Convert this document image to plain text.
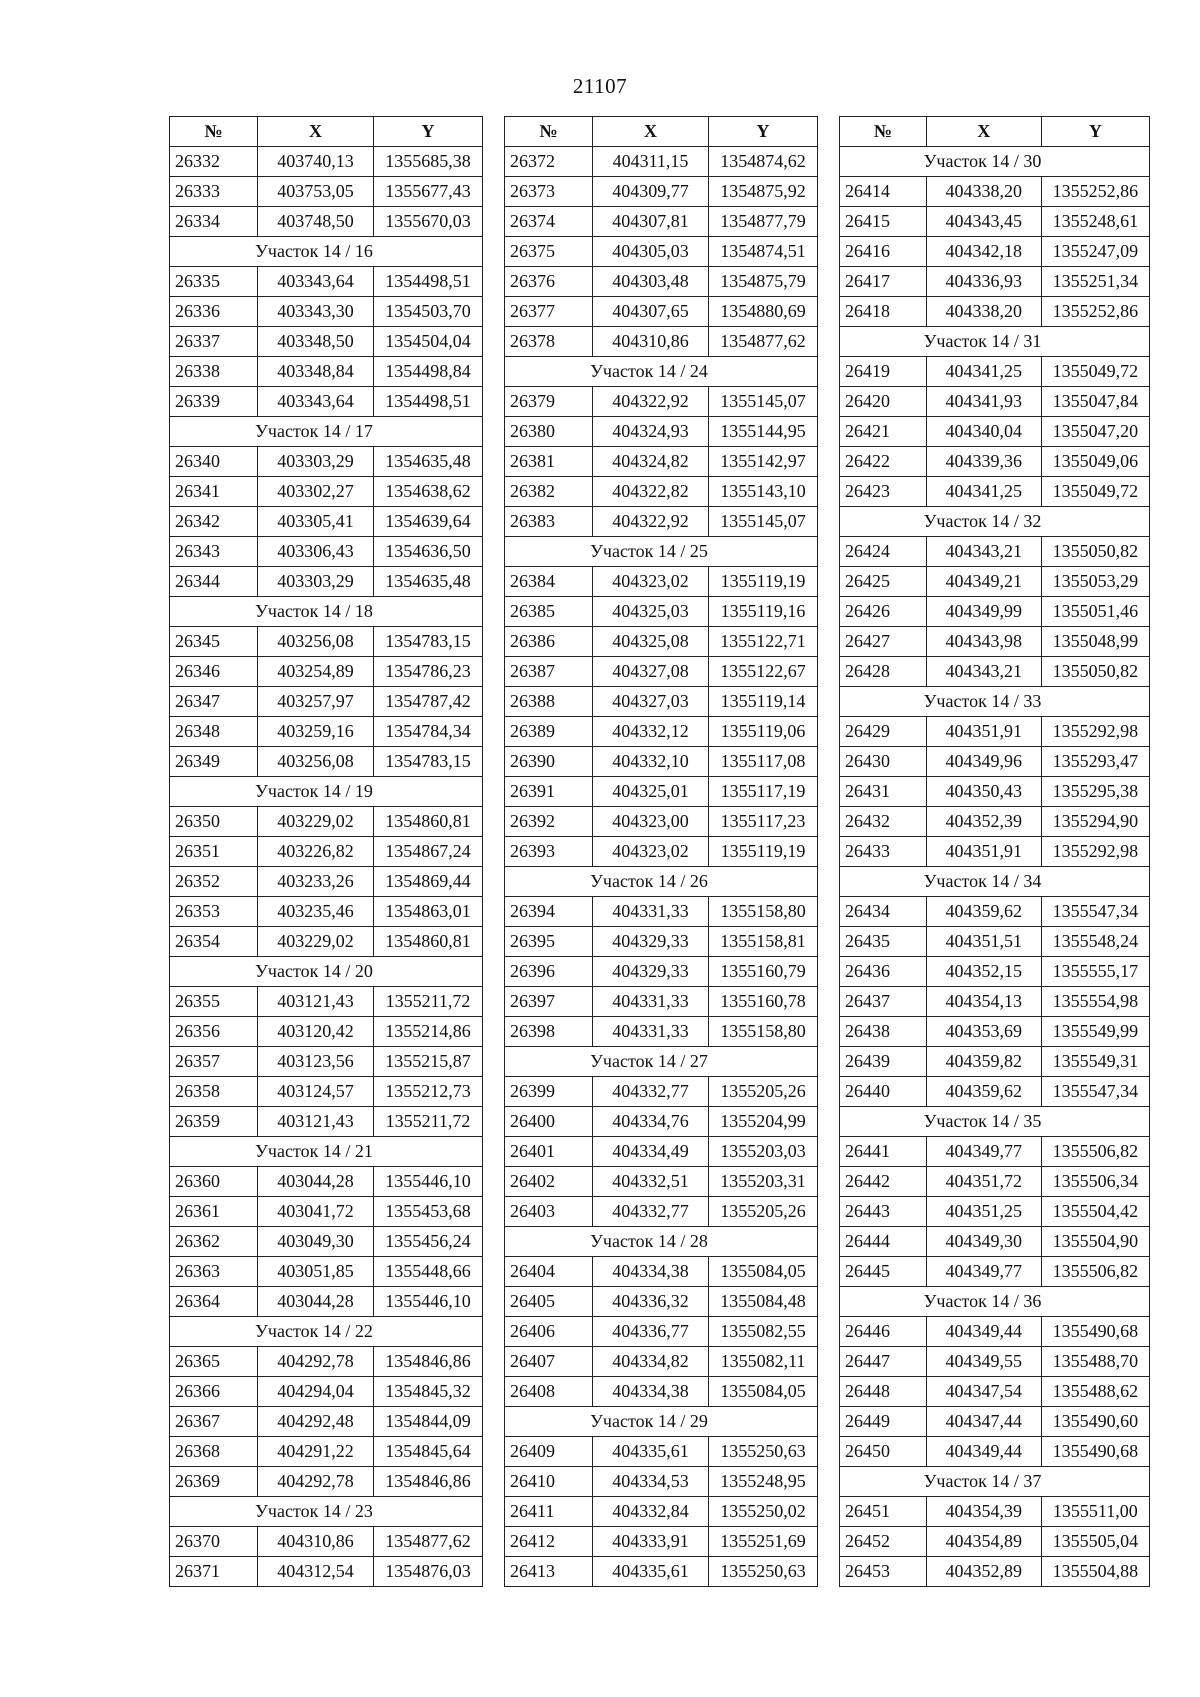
21107
№	X	Y
26332	403740,13	1355685,38
26333	403753,05	1355677,43
26334	403748,50	1355670,03
Участок 14 / 16		
26335	403343,64	1354498,51
26336	403343,30	1354503,70
26337	403348,50	1354504,04
26338	403348,84	1354498,84
26339	403343,64	1354498,51
Участок 14 / 17		
26340	403303,29	1354635,48
26341	403302,27	1354638,62
26342	403305,41	1354639,64
26343	403306,43	1354636,50
26344	403303,29	1354635,48
Участок 14 / 18		
26345	403256,08	1354783,15
26346	403254,89	1354786,23
26347	403257,97	1354787,42
26348	403259,16	1354784,34
26349	403256,08	1354783,15
Участок 14 / 19		
26350	403229,02	1354860,81
26351	403226,82	1354867,24
26352	403233,26	1354869,44
26353	403235,46	1354863,01
26354	403229,02	1354860,81
Участок 14 / 20		
26355	403121,43	1355211,72
26356	403120,42	1355214,86
26357	403123,56	1355215,87
26358	403124,57	1355212,73
26359	403121,43	1355211,72
Участок 14 / 21		
26360	403044,28	1355446,10
26361	403041,72	1355453,68
26362	403049,30	1355456,24
26363	403051,85	1355448,66
26364	403044,28	1355446,10
Участок 14 / 22		
26365	404292,78	1354846,86
26366	404294,04	1354845,32
26367	404292,48	1354844,09
26368	404291,22	1354845,64
26369	404292,78	1354846,86
Участок 14 / 23		
26370	404310,86	1354877,62
26371	404312,54	1354876,03
№	X	Y
26372	404311,15	1354874,62
26373	404309,77	1354875,92
26374	404307,81	1354877,79
26375	404305,03	1354874,51
26376	404303,48	1354875,79
26377	404307,65	1354880,69
26378	404310,86	1354877,62
Участок 14 / 24		
26379	404322,92	1355145,07
26380	404324,93	1355144,95
26381	404324,82	1355142,97
26382	404322,82	1355143,10
26383	404322,92	1355145,07
Участок 14 / 25		
26384	404323,02	1355119,19
26385	404325,03	1355119,16
26386	404325,08	1355122,71
26387	404327,08	1355122,67
26388	404327,03	1355119,14
26389	404332,12	1355119,06
26390	404332,10	1355117,08
26391	404325,01	1355117,19
26392	404323,00	1355117,23
26393	404323,02	1355119,19
Участок 14 / 26		
26394	404331,33	1355158,80
26395	404329,33	1355158,81
26396	404329,33	1355160,79
26397	404331,33	1355160,78
26398	404331,33	1355158,80
Участок 14 / 27		
26399	404332,77	1355205,26
26400	404334,76	1355204,99
26401	404334,49	1355203,03
26402	404332,51	1355203,31
26403	404332,77	1355205,26
Участок 14 / 28		
26404	404334,38	1355084,05
26405	404336,32	1355084,48
26406	404336,77	1355082,55
26407	404334,82	1355082,11
26408	404334,38	1355084,05
Участок 14 / 29		
26409	404335,61	1355250,63
26410	404334,53	1355248,95
26411	404332,84	1355250,02
26412	404333,91	1355251,69
26413	404335,61	1355250,63
№	X	Y
Участок 14 / 30		
26414	404338,20	1355252,86
26415	404343,45	1355248,61
26416	404342,18	1355247,09
26417	404336,93	1355251,34
26418	404338,20	1355252,86
Участок 14 / 31		
26419	404341,25	1355049,72
26420	404341,93	1355047,84
26421	404340,04	1355047,20
26422	404339,36	1355049,06
26423	404341,25	1355049,72
Участок 14 / 32		
26424	404343,21	1355050,82
26425	404349,21	1355053,29
26426	404349,99	1355051,46
26427	404343,98	1355048,99
26428	404343,21	1355050,82
Участок 14 / 33		
26429	404351,91	1355292,98
26430	404349,96	1355293,47
26431	404350,43	1355295,38
26432	404352,39	1355294,90
26433	404351,91	1355292,98
Участок 14 / 34		
26434	404359,62	1355547,34
26435	404351,51	1355548,24
26436	404352,15	1355555,17
26437	404354,13	1355554,98
26438	404353,69	1355549,99
26439	404359,82	1355549,31
26440	404359,62	1355547,34
Участок 14 / 35		
26441	404349,77	1355506,82
26442	404351,72	1355506,34
26443	404351,25	1355504,42
26444	404349,30	1355504,90
26445	404349,77	1355506,82
Участок 14 / 36		
26446	404349,44	1355490,68
26447	404349,55	1355488,70
26448	404347,54	1355488,62
26449	404347,44	1355490,60
26450	404349,44	1355490,68
Участок 14 / 37		
26451	404354,39	1355511,00
26452	404354,89	1355505,04
26453	404352,89	1355504,88
